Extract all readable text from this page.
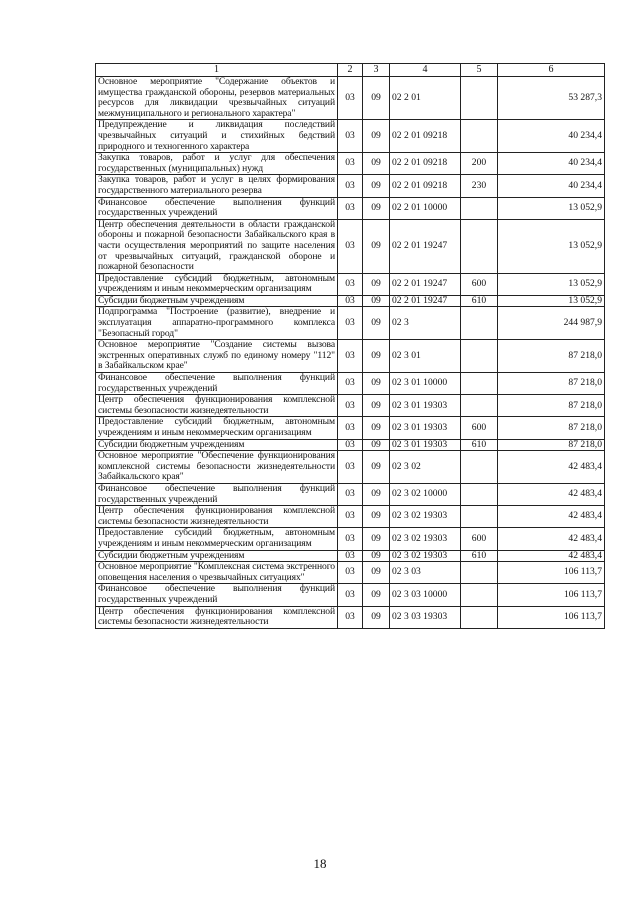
1	2	3	4	5	6
Основное мероприятие "Содержание объектов и имущества гражданской обороны, резервов материальных ресурсов для ликвидации чрезвычайных ситуаций межмуниципального и регионального характера"	03	09	02 2 01		53 287,3
Предупреждение и ликвидация последствий чрезвычайных ситуаций и стихийных бедствий природного и техногенного характера	03	09	02 2 01 09218		40 234,4
Закупка товаров, работ и услуг для обеспечения государственных (муниципальных) нужд	03	09	02 2 01 09218	200	40 234,4
Закупка товаров, работ и услуг в целях формирования государственного материального резерва	03	09	02 2 01 09218	230	40 234,4
Финансовое обеспечение выполнения функций государственных учреждений	03	09	02 2 01 10000		13 052,9
Центр обеспечения деятельности в области гражданской обороны и пожарной безопасности Забайкальского края в части осуществления мероприятий по защите населения от чрезвычайных ситуаций, гражданской обороне и пожарной безопасности	03	09	02 2 01 19247		13 052,9
Предоставление субсидий бюджетным, автономным учреждениям и иным некоммерческим организациям	03	09	02 2 01 19247	600	13 052,9
Субсидии бюджетным учреждениям	03	09	02 2 01 19247	610	13 052,9
Подпрограмма "Построение (развитие), внедрение и эксплуатация аппаратно-программного комплекса "Безопасный город"	03	09	02 3		244 987,9
Основное мероприятие "Создание системы вызова экстренных оперативных служб по единому номеру "112" в Забайкальском крае"	03	09	02 3 01		87 218,0
Финансовое обеспечение выполнения функций государственных учреждений	03	09	02 3 01 10000		87 218,0
Центр обеспечения функционирования комплексной системы безопасности жизнедеятельности	03	09	02 3 01 19303		87 218,0
Предоставление субсидий бюджетным, автономным учреждениям и иным некоммерческим организациям	03	09	02 3 01 19303	600	87 218,0
Субсидии бюджетным учреждениям	03	09	02 3 01 19303	610	87 218,0
Основное мероприятие "Обеспечение функционирования комплексной системы безопасности жизнедеятельности Забайкальского края"	03	09	02 3 02		42 483,4
Финансовое обеспечение выполнения функций государственных учреждений	03	09	02 3 02 10000		42 483,4
Центр обеспечения функционирования комплексной системы безопасности жизнедеятельности	03	09	02 3 02 19303		42 483,4
Предоставление субсидий бюджетным, автономным учреждениям и иным некоммерческим организациям	03	09	02 3 02 19303	600	42 483,4
Субсидии бюджетным учреждениям	03	09	02 3 02 19303	610	42 483,4
Основное мероприятие "Комплексная система экстренного оповещения населения о чрезвычайных ситуациях"	03	09	02 3 03		106 113,7
Финансовое обеспечение выполнения функций государственных учреждений	03	09	02 3 03 10000		106 113,7
Центр обеспечения функционирования комплексной системы безопасности жизнедеятельности	03	09	02 3 03 19303		106 113,7
18
